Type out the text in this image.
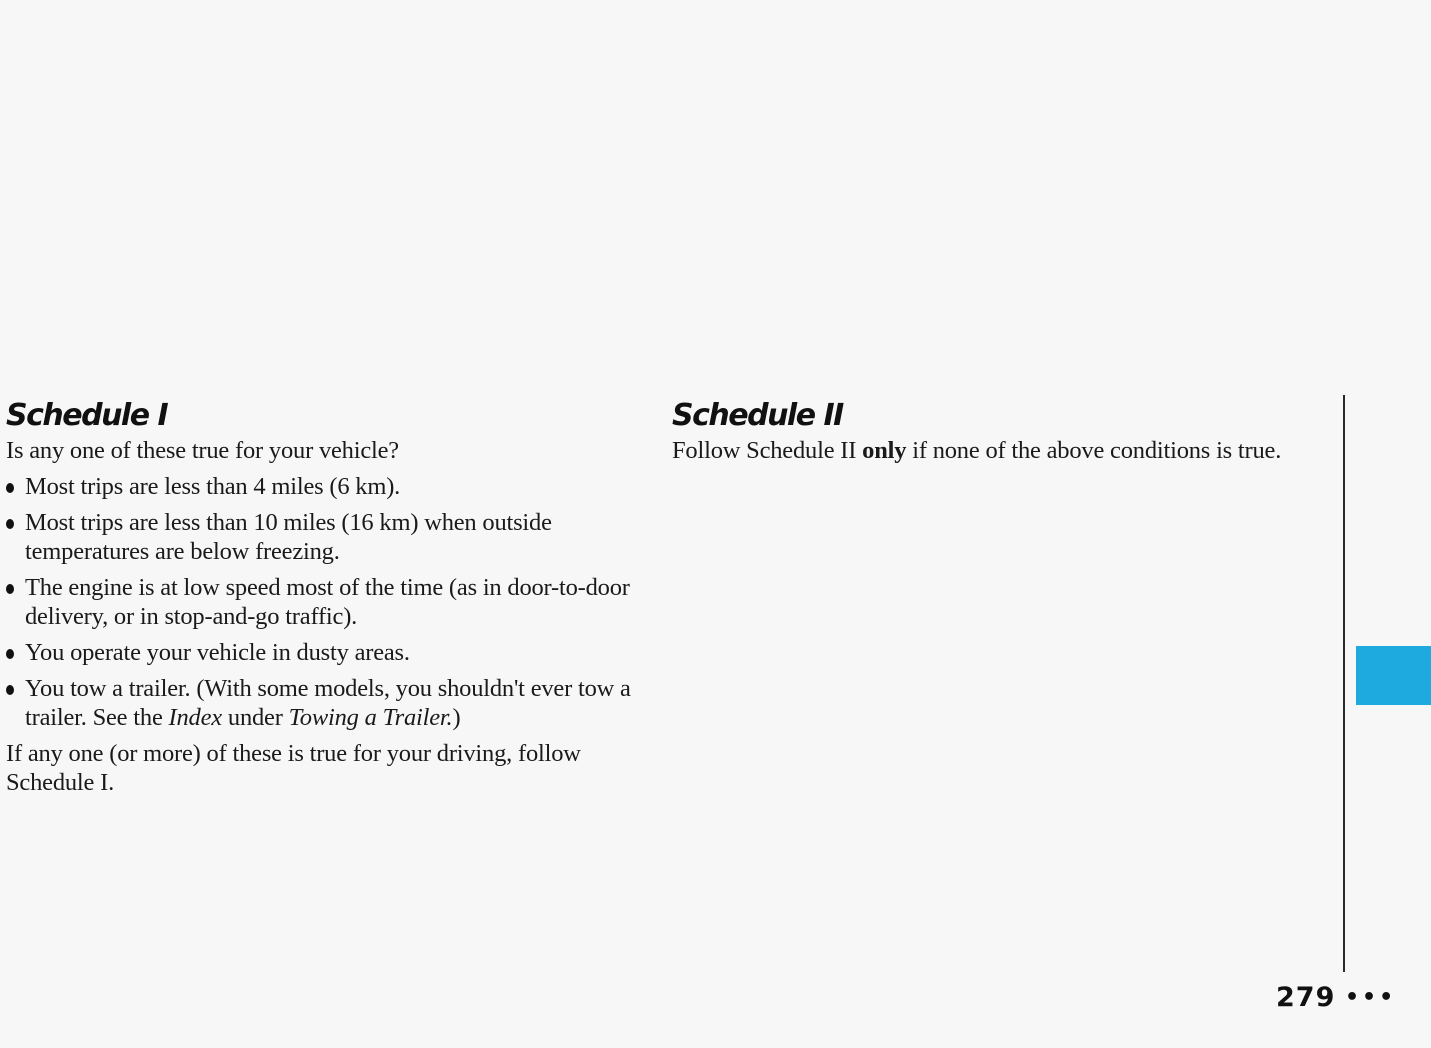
Schedule I

Is any one of these true for your vehicle?

Most trips are less than 4 miles (6 km).
Most trips are less than 10 miles (16 km) when outside temperatures are below freezing.
The engine is at low speed most of the time (as in door-to-door delivery, or in stop-and-go traffic).
You operate your vehicle in dusty areas.
You tow a trailer. (With some models, you shouldn't ever tow a trailer. See the Index under Towing a Trailer.)

If any one (or more) of these is true for your driving, follow Schedule I.

Schedule II

Follow Schedule II only if none of the above conditions is true.

279 •••
